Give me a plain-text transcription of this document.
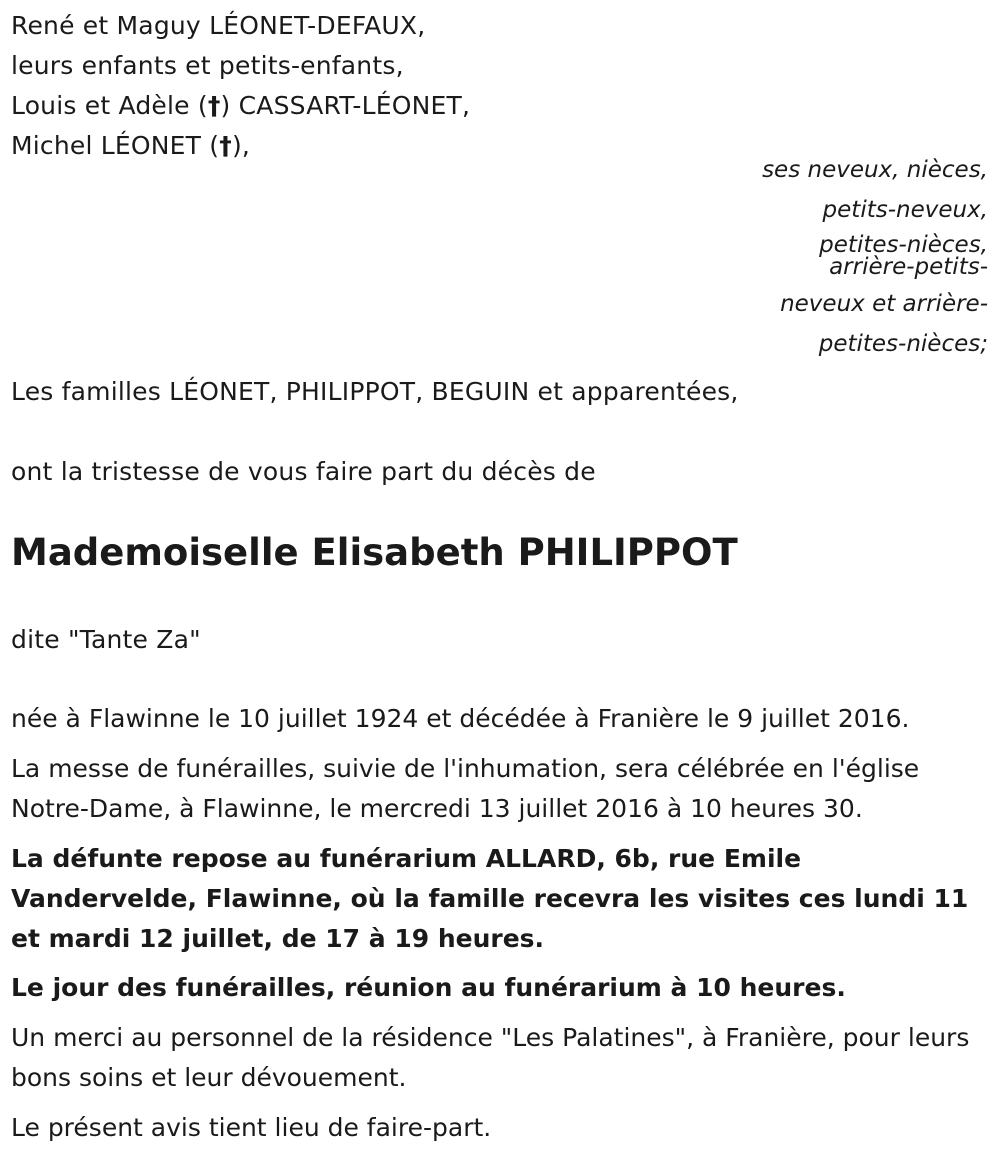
René et Maguy LÉONET-DEFAUX,
leurs enfants et petits-enfants,
Louis et Adèle (†) CASSART-LÉONET,
Michel LÉONET (†),
ses neveux, nièces,
petits-neveux,
petites-nièces,
arrière-petits-
neveux et arrière-
petites-nièces;
Les familles LÉONET, PHILIPPOT, BEGUIN et apparentées,
ont la tristesse de vous faire part du décès de
Mademoiselle Elisabeth PHILIPPOT
dite "Tante Za"
née à Flawinne le 10 juillet 1924 et décédée à Franière le 9 juillet 2016.
La messe de funérailles, suivie de l'inhumation, sera célébrée en l'église Notre-Dame, à Flawinne, le mercredi 13 juillet 2016 à 10 heures 30.
La défunte repose au funérarium ALLARD, 6b, rue Emile Vandervelde, Flawinne, où la famille recevra les visites ces lundi 11 et mardi 12 juillet, de 17 à 19 heures.
Le jour des funérailles, réunion au funérarium à 10 heures.
Un merci au personnel de la résidence "Les Palatines", à Franière, pour leurs bons soins et leur dévouement.
Le présent avis tient lieu de faire-part.
